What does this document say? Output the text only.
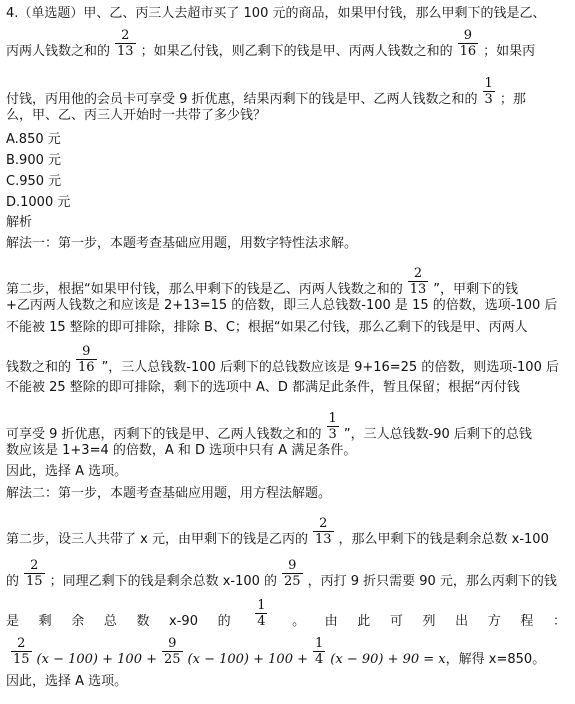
4.（单选题）甲、乙、丙三人去超市买了 100 元的商品，如果甲付钱，那么甲剩下的钱是乙、
丙两人钱数之和的 $\frac{2}{13}$ ；如果乙付钱，则乙剩下的钱是甲、丙两人钱数之和的 $\frac{9}{16}$ ；如果丙
付钱，丙用他的会员卡可享受 9 折优惠，结果丙剩下的钱是甲、乙两人钱数之和的 $\frac{1}{3}$ ；那
么，甲、乙、丙三人开始时一共带了多少钱？
A.850 元
B.900 元
C.950 元
D.1000 元
解析
解法一：第一步，本题考查基础应用题，用数字特性法求解。
第二步，根据“如果甲付钱，那么甲剩下的钱是乙、丙两人钱数之和的 $\frac{2}{13}$ ”，甲剩下的钱
+乙丙两人钱数之和应该是 2+13=15 的倍数，即三人总钱数-100 是 15 的倍数，选项-100 后
不能被 15 整除的即可排除，排除 B、C；根据“如果乙付钱，那么乙剩下的钱是甲、丙两人
钱数之和的 $\frac{9}{16}$ ”，三人总钱数-100 后剩下的总钱数应该是 9+16=25 的倍数，则选项-100 后
不能被 25 整除的即可排除，剩下的选项中 A、D 都满足此条件，暂且保留；根据“丙付钱
可享受 9 折优惠，丙剩下的钱是甲、乙两人钱数之和的 $\frac{1}{3}$ ”，三人总钱数-90 后剩下的总钱
数应该是 1+3=4 的倍数，A 和 D 选项中只有 A 满足条件。
因此，选择 A 选项。
解法二：第一步，本题考查基础应用题，用方程法解题。
第二步，设三人共带了 x 元，由甲剩下的钱是乙丙的 $\frac{2}{13}$ ，那么甲剩下的钱是剩余总数 x-100
的 $\frac{2}{15}$ ；同理乙剩下的钱是剩余总数 x-100 的 $\frac{9}{25}$ ，丙打 9 折只需要 90 元，那么丙剩下的钱
是 剩 余 总 数 x-90 的 $\frac{1}{4}$ 。 由 此 可 列 出 方 程 ：
$\frac{2}{15} (x - 100) + 100 + \frac{9}{25} (x - 100) + 100 + \frac{1}{4} (x - 90) + 90 = x$，解得 x=850。
因此，选择 A 选项。
